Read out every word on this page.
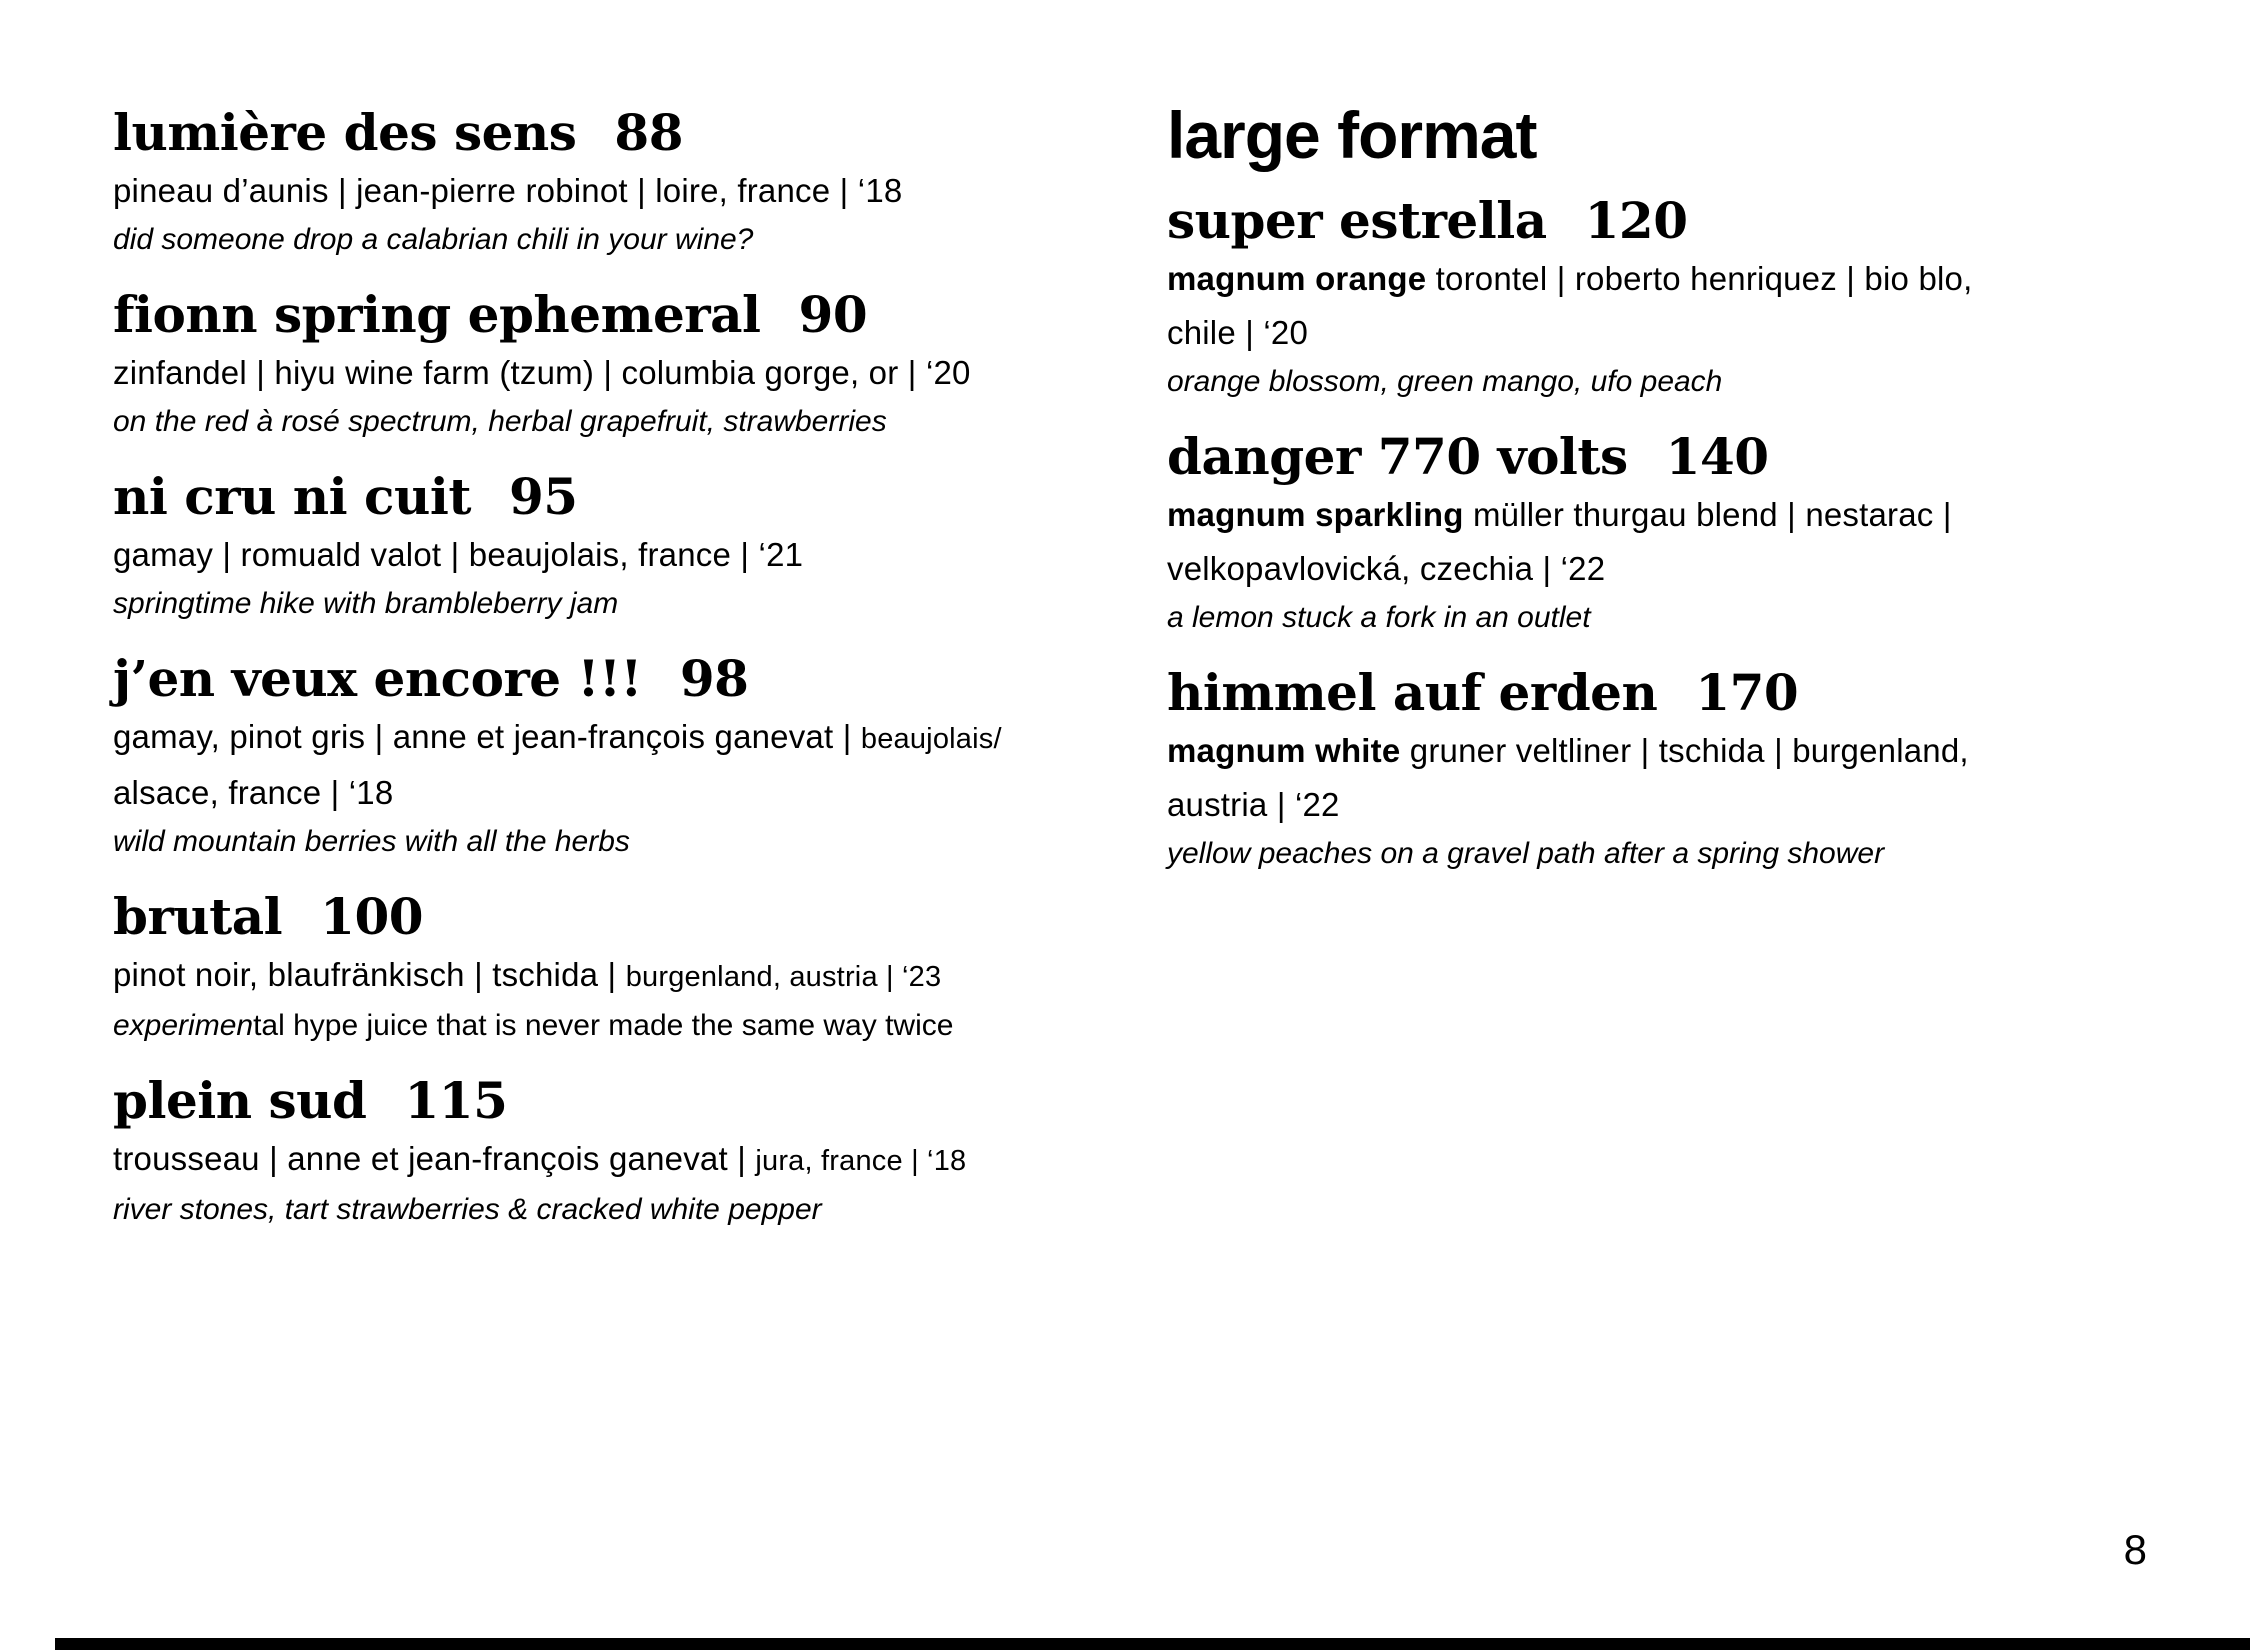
lumière des sens 88
pineau d’aunis | jean-pierre robinot | loire, france | ‘18
did someone drop a calabrian chili in your wine?
fionn spring ephemeral 90
zinfandel | hiyu wine farm (tzum) | columbia gorge, or | ‘20
on the red à rosé spectrum, herbal grapefruit, strawberries
ni cru ni cuit 95
gamay | romuald valot | beaujolais, france | ‘21
springtime hike with brambleberry jam
j’en veux encore !!! 98
gamay, pinot gris | anne et jean-françois ganevat | beaujolais/
alsace, france | ‘18
wild mountain berries with all the herbs
brutal 100
pinot noir, blaufränkisch | tschida | burgenland, austria | ‘23
experimental hype juice that is never made the same way twice
plein sud 115
trousseau | anne et jean-françois ganevat | jura, france | ‘18
river stones, tart strawberries & cracked white pepper
large format
super estrella 120
magnum orange torontel | roberto henriquez | bio blo,
chile | ‘20
orange blossom, green mango, ufo peach
danger 770 volts 140
magnum sparkling müller thurgau blend | nestarac |
velkopavlovická, czechia | ‘22
a lemon stuck a fork in an outlet
himmel auf erden 170
magnum white gruner veltliner | tschida | burgenland,
austria | ‘22
yellow peaches on a gravel path after a spring shower
8
